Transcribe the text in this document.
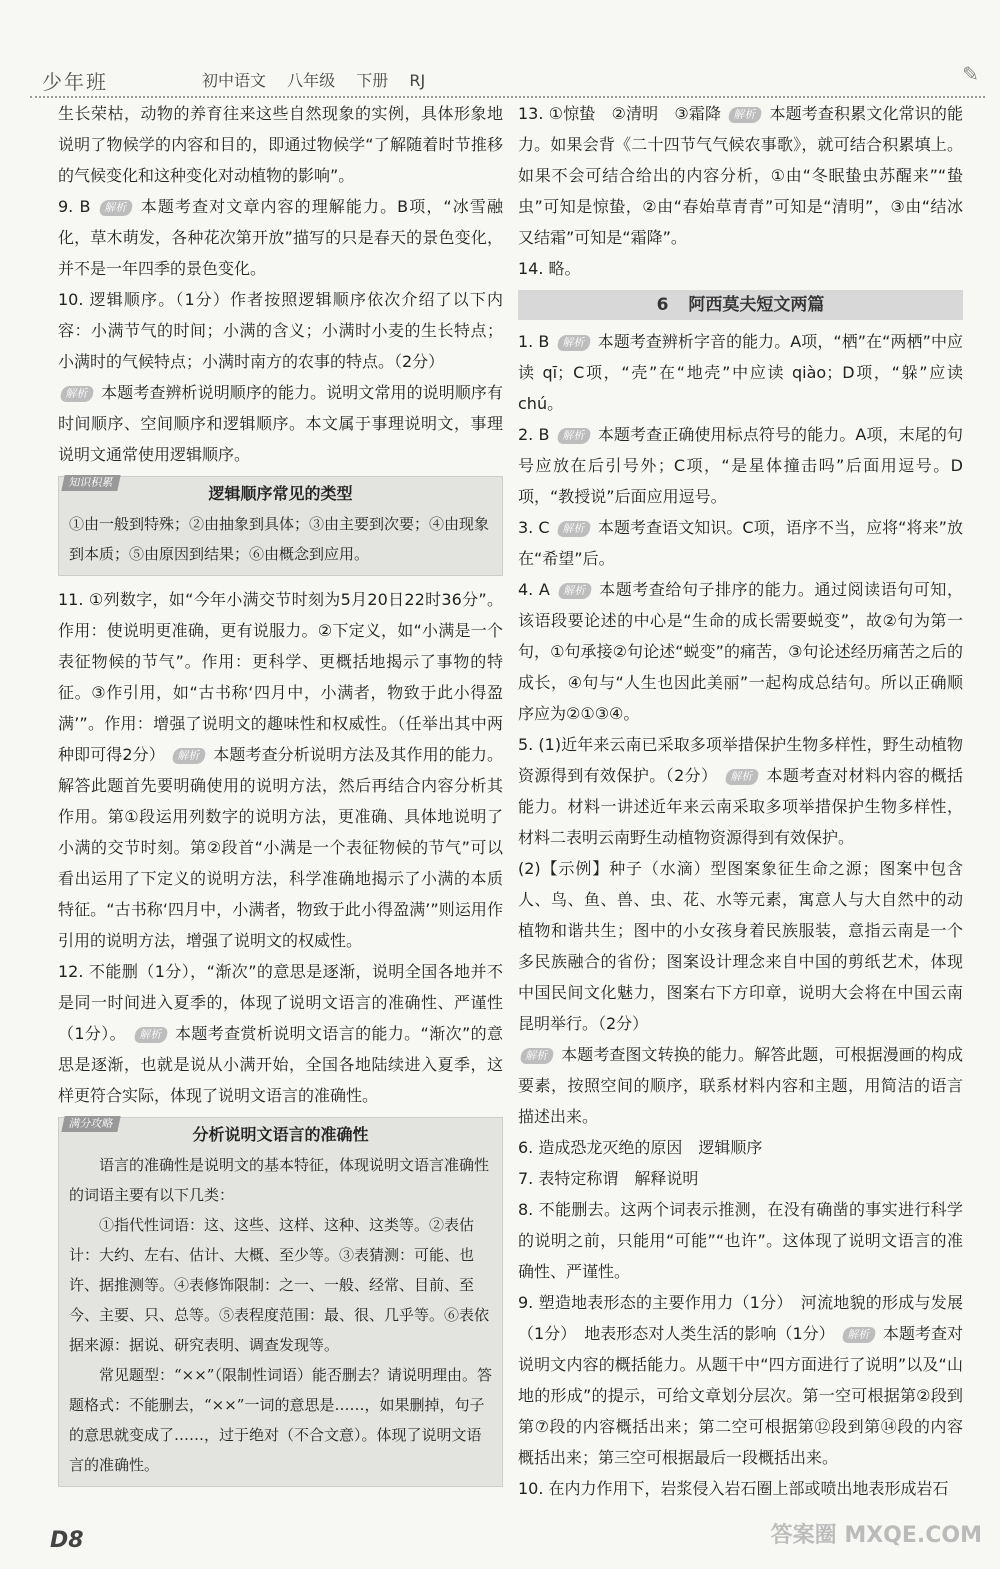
少年班	初中语文 八年级 下册 RJ	✎

生长荣枯，动物的养育往来这些自然现象的实例，具体形象地说明了物候学的内容和目的，即通过物候学“了解随着时节推移的气候变化和这种变化对动植物的影响”。

9. B 解析 本题考查对文章内容的理解能力。B项，“冰雪融化，草木萌发，各种花次第开放”描写的只是春天的景色变化，并不是一年四季的景色变化。

10. 逻辑顺序。（1分）作者按照逻辑顺序依次介绍了以下内容：小满节气的时间；小满的含义；小满时小麦的生长特点；小满时的气候特点；小满时南方的农事的特点。（2分）
解析 本题考查辨析说明顺序的能力。说明文常用的说明顺序有时间顺序、空间顺序和逻辑顺序。本文属于事理说明文，事理说明文通常使用逻辑顺序。

知识积累
逻辑顺序常见的类型
①由一般到特殊；②由抽象到具体；③由主要到次要；④由现象到本质；⑤由原因到结果；⑥由概念到应用。

11. ①列数字，如“今年小满交节时刻为5月20日22时36分”。作用：使说明更准确，更有说服力。②下定义，如“小满是一个表征物候的节气”。作用：更科学、更概括地揭示了事物的特征。③作引用，如“古书称‘四月中，小满者，物致于此小得盈满’”。作用：增强了说明文的趣味性和权威性。（任举出其中两种即可得2分） 解析 本题考查分析说明方法及其作用的能力。解答此题首先要明确使用的说明方法，然后再结合内容分析其作用。第①段运用列数字的说明方法，更准确、具体地说明了小满的交节时刻。第②段首“小满是一个表征物候的节气”可以看出运用了下定义的说明方法，科学准确地揭示了小满的本质特征。“古书称‘四月中，小满者，物致于此小得盈满’”则运用作引用的说明方法，增强了说明文的权威性。

12. 不能删（1分），“渐次”的意思是逐渐，说明全国各地并不是同一时间进入夏季的，体现了说明文语言的准确性、严谨性（1分）。 解析 本题考查赏析说明文语言的能力。“渐次”的意思是逐渐，也就是说从小满开始，全国各地陆续进入夏季，这样更符合实际，体现了说明文语言的准确性。

满分攻略
分析说明文语言的准确性
语言的准确性是说明文的基本特征，体现说明文语言准确性的词语主要有以下几类：
①指代性词语：这、这些、这样、这种、这类等。②表估计：大约、左右、估计、大概、至少等。③表猜测：可能、也许、据推测等。④表修饰限制：之一、一般、经常、目前、至今、主要、只、总等。⑤表程度范围：最、很、几乎等。⑥表依据来源：据说、研究表明、调查发现等。
常见题型：“××”（限制性词语）能否删去？请说明理由。答题格式：不能删去，“××”一词的意思是……，如果删掉，句子的意思就变成了……，过于绝对（不合文意）。体现了说明文语言的准确性。

13. ①惊蛰　②清明　③霜降 解析 本题考查积累文化常识的能力。如果会背《二十四节气气候农事歌》，就可结合积累填上。如果不会可结合给出的内容分析，①由“冬眠蛰虫苏醒来”“蛰虫”可知是惊蛰，②由“春始草青青”可知是“清明”，③由“结冰又结霜”可知是“霜降”。

14. 略。

6 阿西莫夫短文两篇

1. B 解析 本题考查辨析字音的能力。A项，“栖”在“两栖”中应读 qī；C项，“壳”在“地壳”中应读 qiào；D项，“躲”应读 chú。

2. B 解析 本题考查正确使用标点符号的能力。A项，末尾的句号应放在后引号外；C项，“是星体撞击吗”后面用逗号。D项，“教授说”后面应用逗号。

3. C 解析 本题考查语文知识。C项，语序不当，应将“将来”放在“希望”后。

4. A 解析 本题考查给句子排序的能力。通过阅读语句可知，该语段要论述的中心是“生命的成长需要蜕变”，故②句为第一句，①句承接②句论述“蜕变”的痛苦，③句论述经历痛苦之后的成长，④句与“人生也因此美丽”一起构成总结句。所以正确顺序应为②①③④。

5. (1)近年来云南已采取多项举措保护生物多样性，野生动植物资源得到有效保护。（2分） 解析 本题考查对材料内容的概括能力。材料一讲述近年来云南采取多项举措保护生物多样性，材料二表明云南野生动植物资源得到有效保护。
(2)【示例】种子（水滴）型图案象征生命之源；图案中包含人、鸟、鱼、兽、虫、花、水等元素，寓意人与大自然中的动植物和谐共生；图中的小女孩身着民族服装，意指云南是一个多民族融合的省份；图案设计理念来自中国的剪纸艺术，体现中国民间文化魅力，图案右下方印章，说明大会将在中国云南昆明举行。（2分）
解析 本题考查图文转换的能力。解答此题，可根据漫画的构成要素，按照空间的顺序，联系材料内容和主题，用简洁的语言描述出来。

6. 造成恐龙灭绝的原因　逻辑顺序

7. 表特定称谓　解释说明

8. 不能删去。这两个词表示推测，在没有确凿的事实进行科学的说明之前，只能用“可能”“也许”。这体现了说明文语言的准确性、严谨性。

9. 塑造地表形态的主要作用力（1分）　河流地貌的形成与发展（1分）　地表形态对人类生活的影响（1分） 解析 本题考查对说明文内容的概括能力。从题干中“四方面进行了说明”以及“山地的形成”的提示，可给文章划分层次。第一空可根据第②段到第⑦段的内容概括出来；第二空可根据第⑫段到第⑭段的内容概括出来；第三空可根据最后一段概括出来。

10. 在内力作用下，岩浆侵入岩石圈上部或喷出地表形成岩石

D8	答案圈 MXQE.COM
